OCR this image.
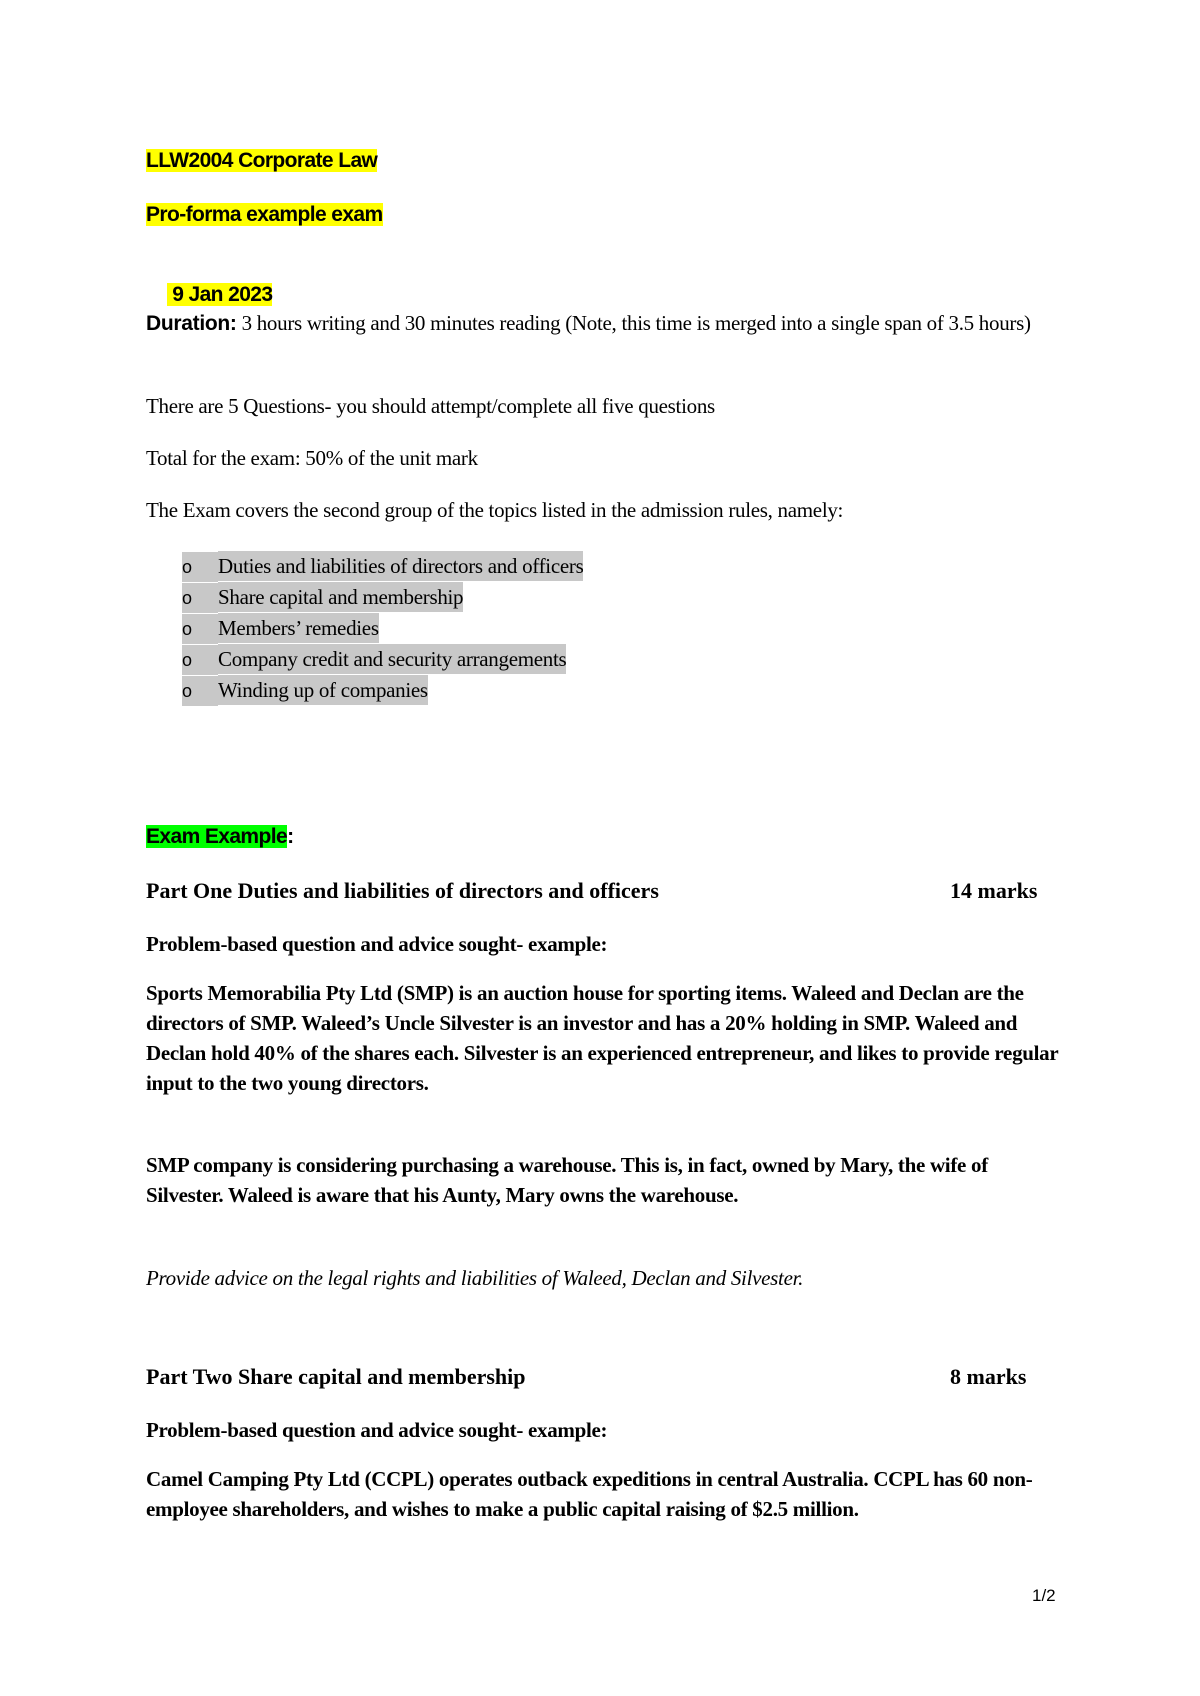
LLW2004 Corporate Law
Pro-forma example exam

9 Jan 2023

Duration: 3 hours writing and 30 minutes reading (Note, this time is merged into a single span of 3.5 hours)
There are 5 Questions- you should attempt/complete all five questions
Total for the exam: 50% of the unit mark
The Exam covers the second group of the topics listed in the admission rules, namely:
o	Duties and liabilities of directors and officers
o	Share capital and membership
o	Members’ remedies
o	Company credit and security arrangements
o	Winding up of companies
Exam Example:
Part One Duties and liabilities of directors and officers	14 marks
Problem-based question and advice sought- example:
Sports Memorabilia Pty Ltd (SMP) is an auction house for sporting items. Waleed and Declan are the directors of SMP. Waleed’s Uncle Silvester is an investor and has a 20% holding in SMP. Waleed and Declan hold 40% of the shares each. Silvester is an experienced entrepreneur, and likes to provide regular input to the two young directors.
SMP company is considering purchasing a warehouse. This is, in fact, owned by Mary, the wife of Silvester. Waleed is aware that his Aunty, Mary owns the warehouse.
Provide advice on the legal rights and liabilities of Waleed, Declan and Silvester.
Part Two Share capital and membership	8 marks
Problem-based question and advice sought- example:
Camel Camping Pty Ltd (CCPL) operates outback expeditions in central Australia. CCPL has 60 non-employee shareholders, and wishes to make a public capital raising of $2.5 million.
1/2
